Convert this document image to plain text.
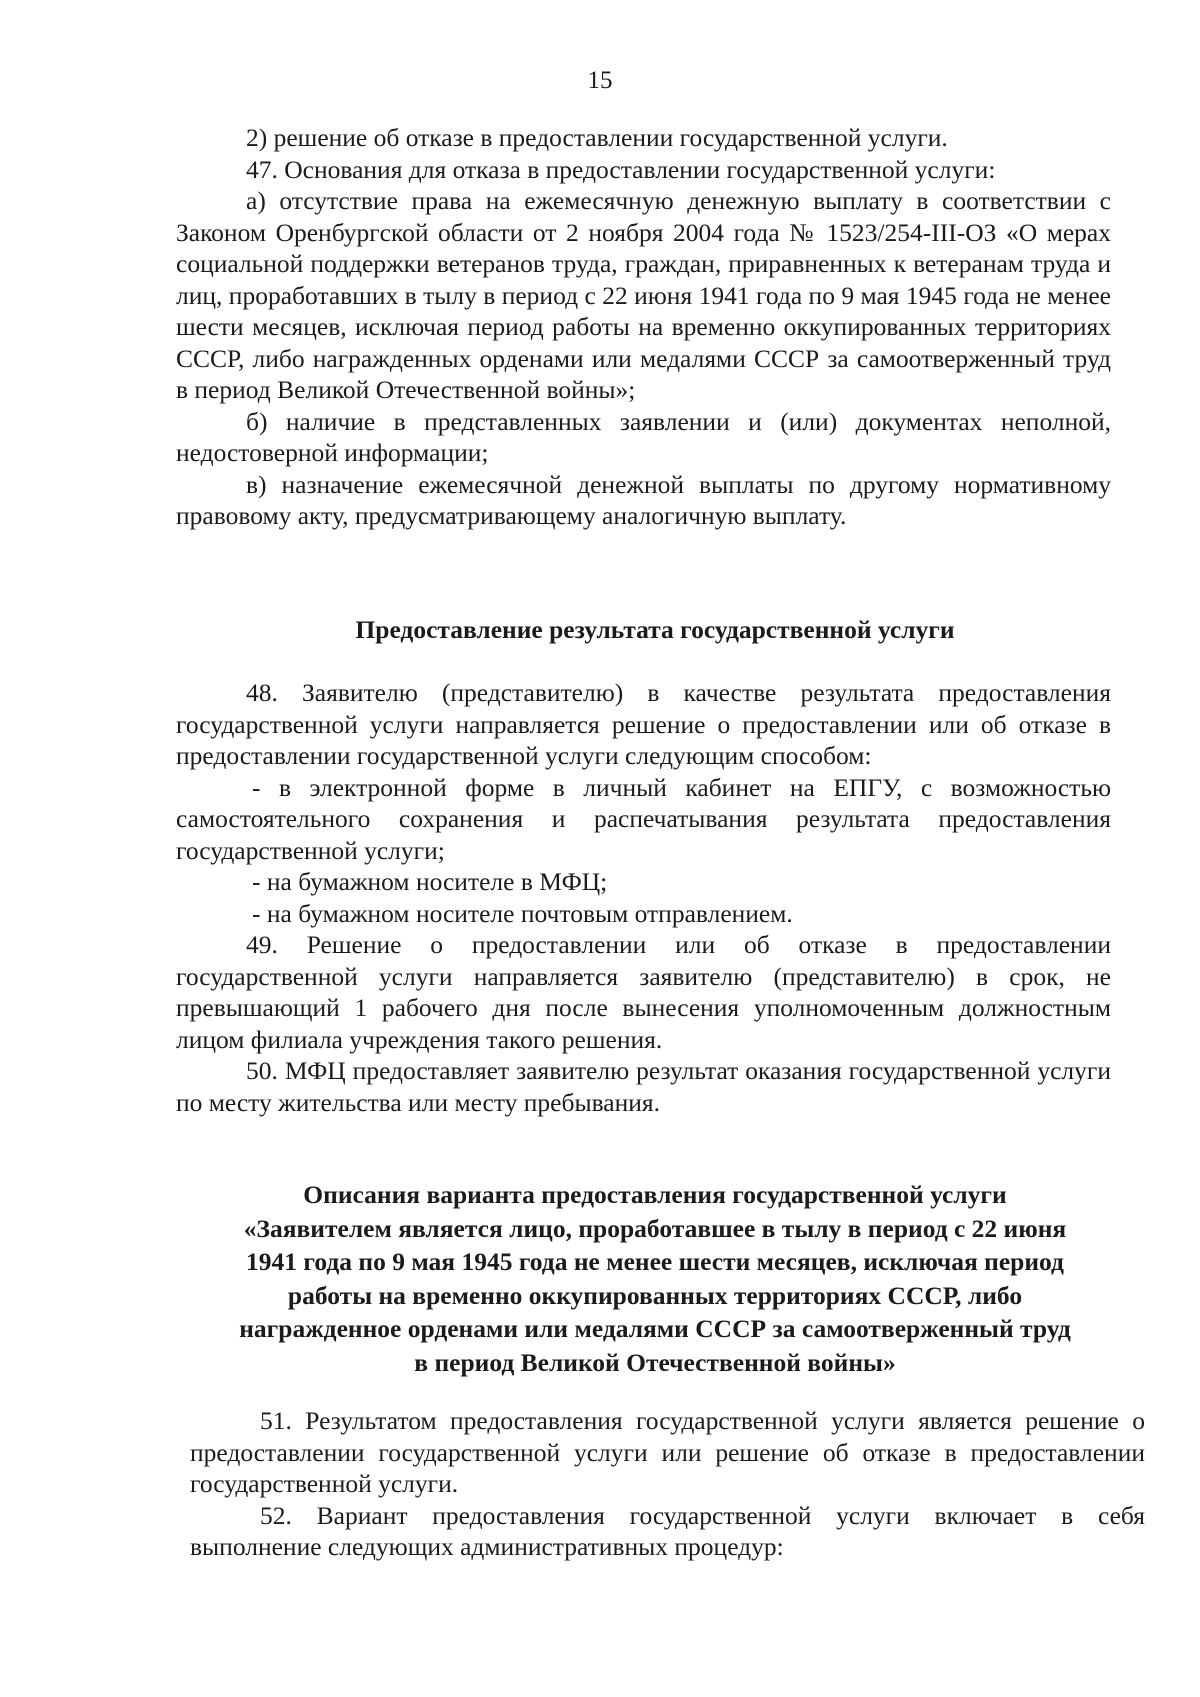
15

2) решение об отказе в предоставлении государственной услуги.

47. Основания для отказа в предоставлении государственной услуги:

а) отсутствие права на ежемесячную денежную выплату в соответствии с Законом Оренбургской области от 2 ноября 2004 года № 1523/254-III-ОЗ «О мерах социальной поддержки ветеранов труда, граждан, приравненных к ветеранам труда и лиц, проработавших в тылу в период с 22 июня 1941 года по 9 мая 1945 года не менее шести месяцев, исключая период работы на временно оккупированных территориях СССР, либо награжденных орденами или медалями СССР за самоотверженный труд в период Великой Отечественной войны»;

б) наличие в представленных заявлении и (или) документах неполной, недостоверной информации;

в) назначение ежемесячной денежной выплаты по другому нормативному правовому акту, предусматривающему аналогичную выплату.

Предоставление результата государственной услуги

48. Заявителю (представителю) в качестве результата предоставления государственной услуги направляется решение о предоставлении или об отказе в предоставлении государственной услуги следующим способом:

- в электронной форме в личный кабинет на ЕПГУ, с возможностью самостоятельного сохранения и распечатывания результата предоставления государственной услуги;

- на бумажном носителе в МФЦ;

- на бумажном носителе почтовым отправлением.

49. Решение о предоставлении или об отказе в предоставлении государственной услуги направляется заявителю (представителю) в срок, не превышающий 1 рабочего дня после вынесения уполномоченным должностным лицом филиала учреждения такого решения.

50. МФЦ предоставляет заявителю результат оказания государственной услуги по месту жительства или месту пребывания.

Описания варианта предоставления государственной услуги
«Заявителем является лицо, проработавшее в тылу в период с 22 июня
1941 года по 9 мая 1945 года не менее шести месяцев, исключая период
работы на временно оккупированных территориях СССР, либо
награжденное орденами или медалями СССР за самоотверженный труд
в период Великой Отечественной войны»

51. Результатом предоставления государственной услуги является решение о предоставлении государственной услуги или решение об отказе в предоставлении государственной услуги.

52. Вариант предоставления государственной услуги включает в себя выполнение следующих административных процедур:
